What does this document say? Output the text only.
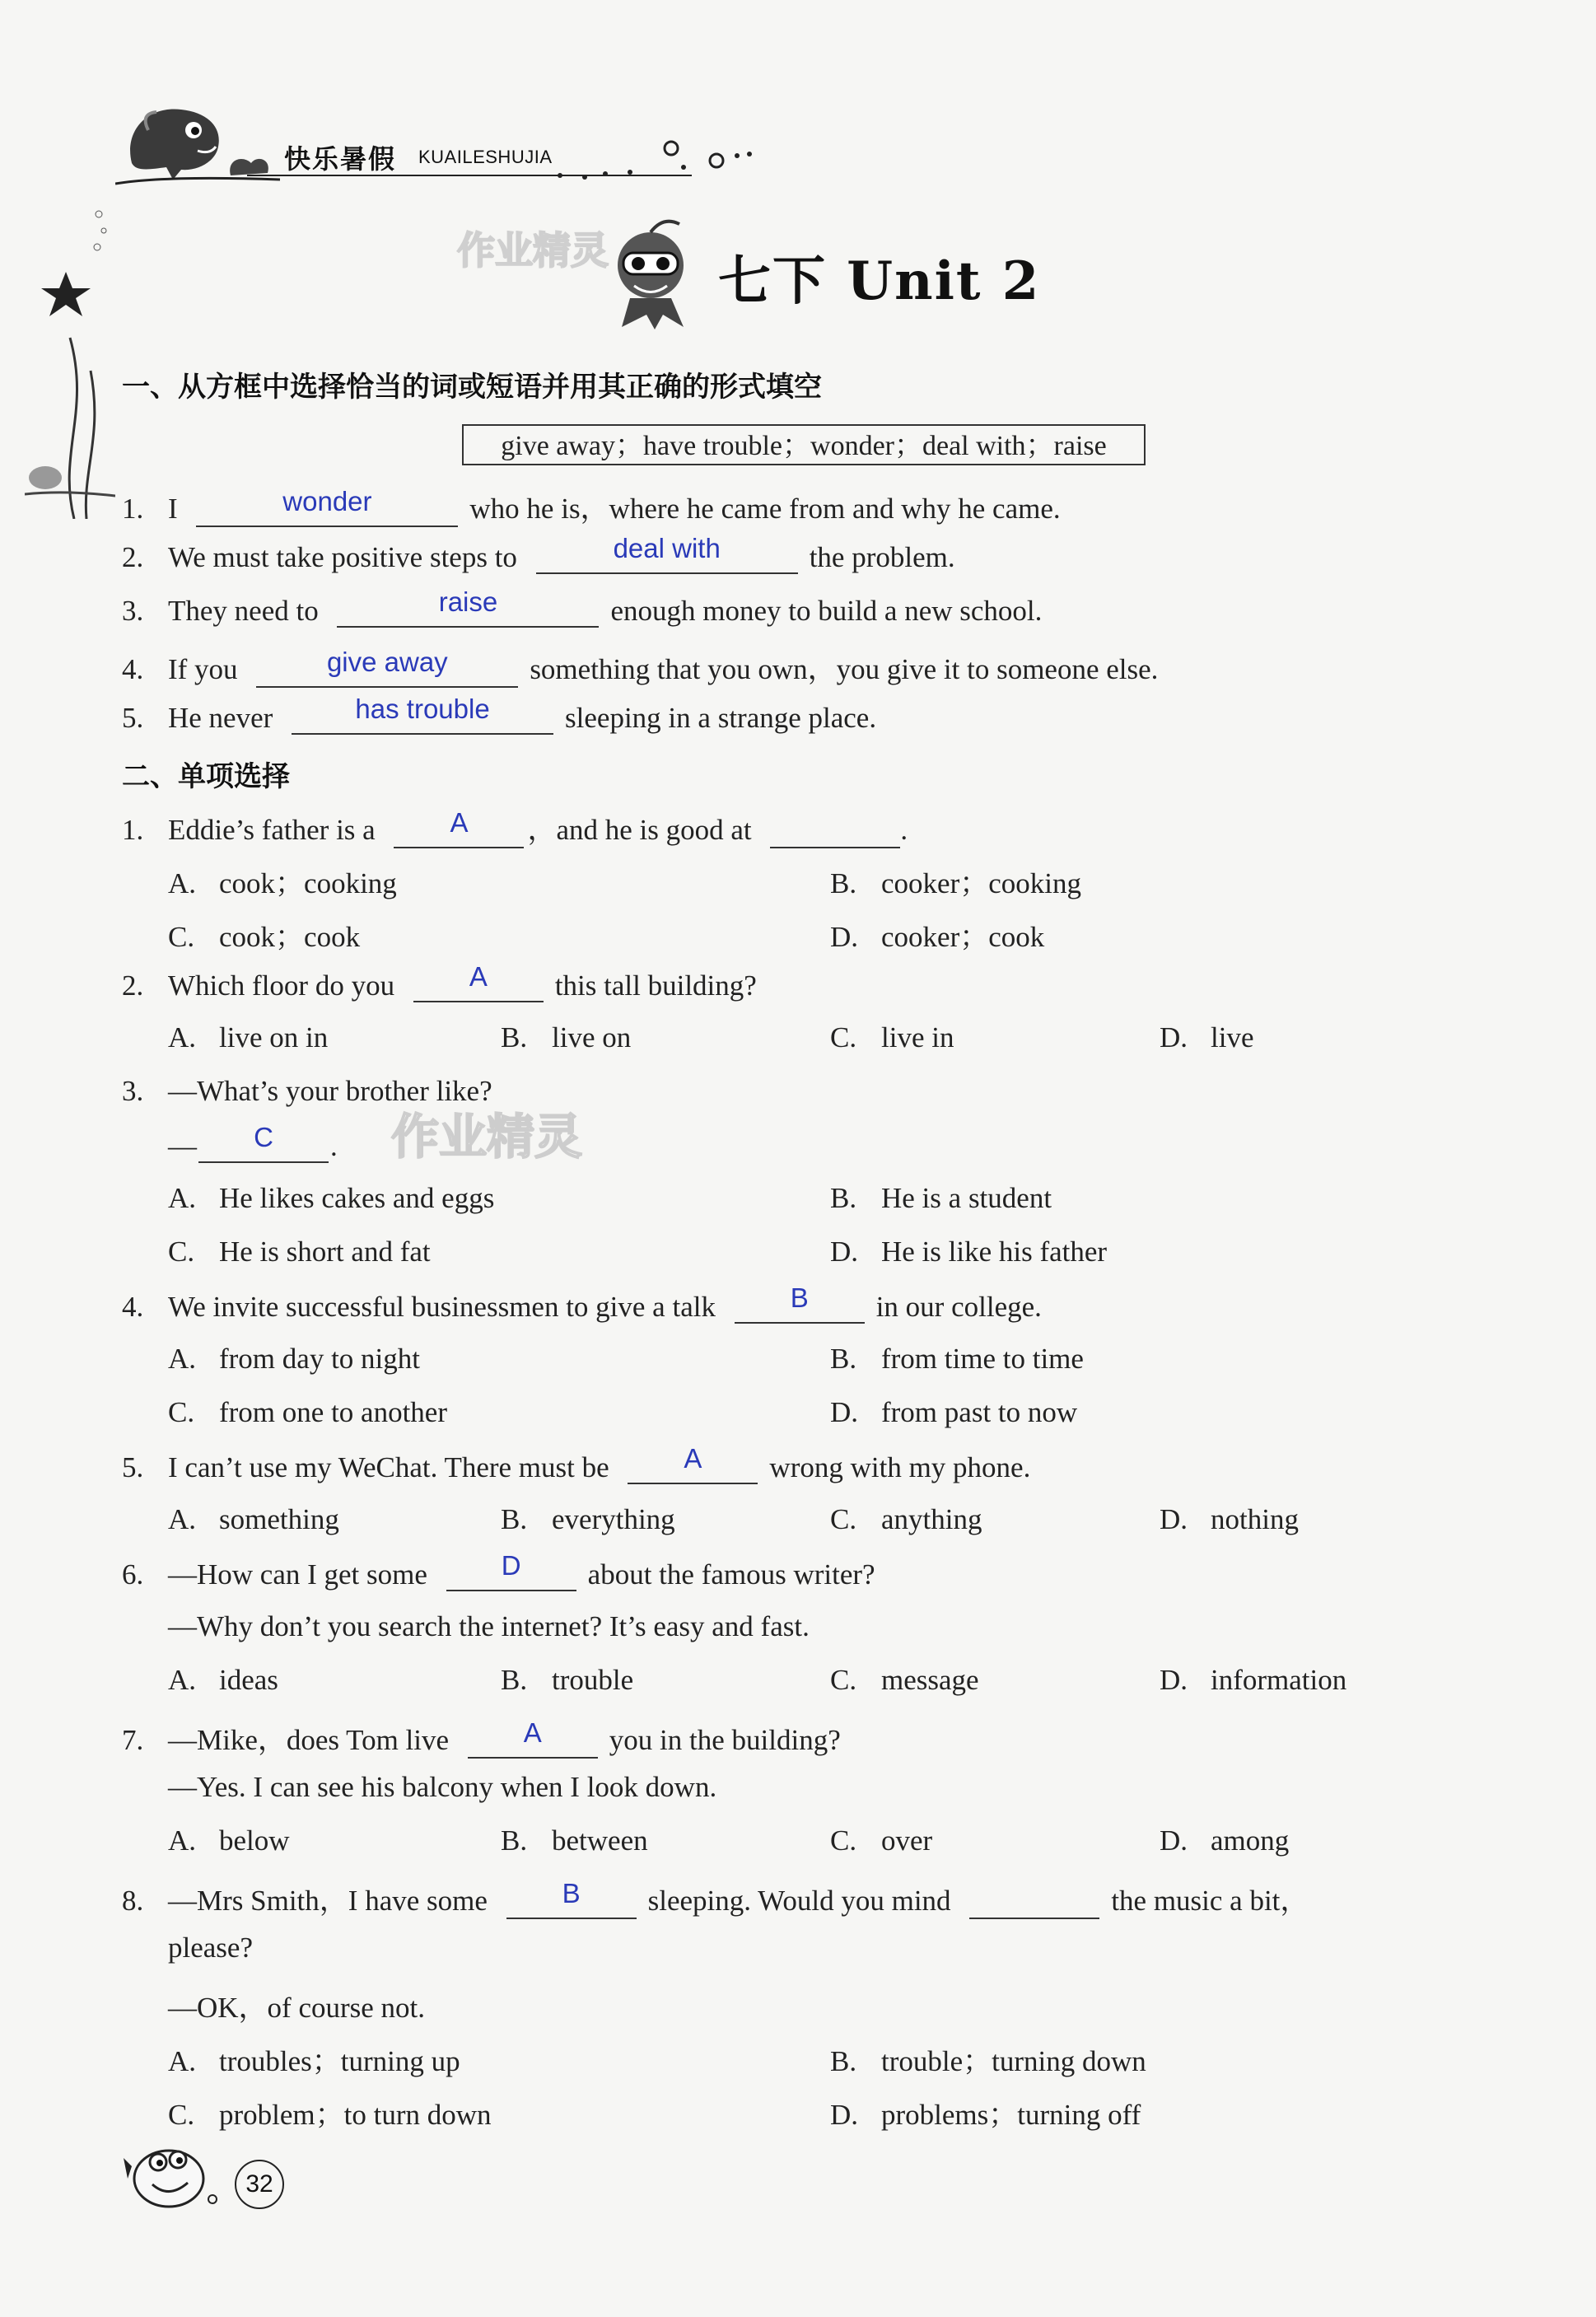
快乐暑假 KUAILESHUJIA
作业精灵 七下 Unit 2
一、从方框中选择恰当的词或短语并用其正确的形式填空
give away；have trouble；wonder；deal with；raise
1. I	wonder	who he is，where he came from and why he came.
2. We must take positive steps to	deal with	the problem.
3. They need to	raise	enough money to build a new school.
4. If you	give away	something that you own，you give it to someone else.
5. He never	has trouble	sleeping in a strange place.
二、单项选择
1. Eddie’s father is a	A	，and he is good at	.
A. cook；cooking	B. cooker；cooking
C. cook；cook	D. cooker；cook
2. Which floor do you	A	this tall building?
A. live on in	B. live on	C. live in	D. live
3. —What’s your brother like?
—	C	. 作业精灵
A. He likes cakes and eggs	B. He is a student
C. He is short and fat	D. He is like his father
4. We invite successful businessmen to give a talk	B	in our college.
A. from day to night	B. from time to time
C. from one to another	D. from past to now
5. I can’t use my WeChat. There must be	A	wrong with my phone.
A. something	B. everything	C. anything	D. nothing
6. —How can I get some	D	about the famous writer?
—Why don’t you search the internet? It’s easy and fast.
A. ideas	B. trouble	C. message	D. information
7. —Mike，does Tom live	A	you in the building?
—Yes. I can see his balcony when I look down.
A. below	B. between	C. over	D. among
8. —Mrs Smith，I have some	B	sleeping. Would you mind	the music a bit，
please?
—OK，of course not.
A. troubles；turning up	B. trouble；turning down
C. problem；to turn down	D. problems；turning off
32
